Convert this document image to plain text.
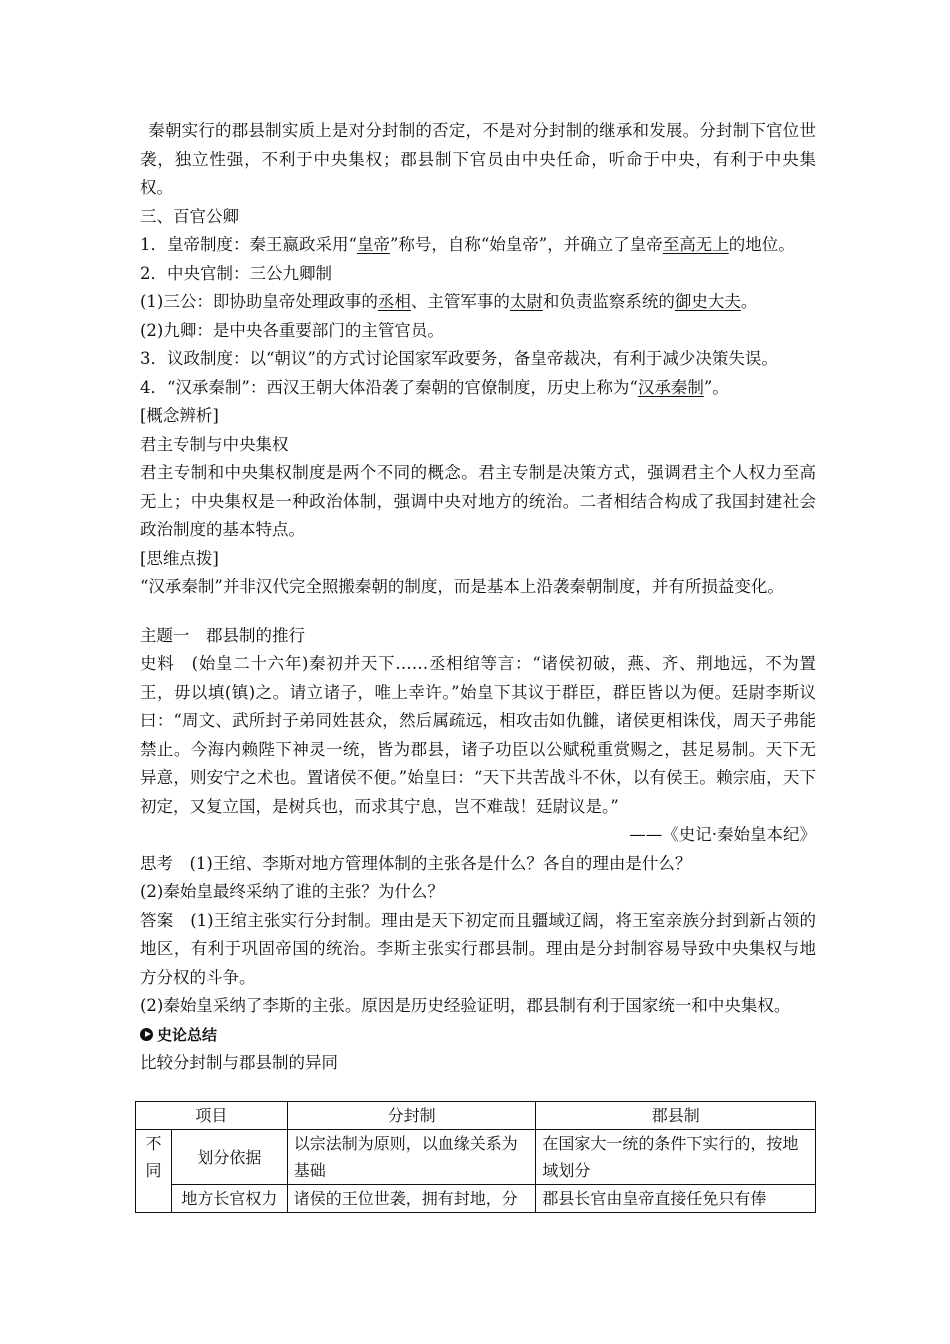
秦朝实行的郡县制实质上是对分封制的否定，不是对分封制的继承和发展。分封制下官位世袭，独立性强，不利于中央集权；郡县制下官员由中央任命，听命于中央，有利于中央集权。

三、百官公卿

1．皇帝制度：秦王嬴政采用“皇帝”称号，自称“始皇帝”，并确立了皇帝至高无上的地位。

2．中央官制：三公九卿制

(1)三公：即协助皇帝处理政事的丞相、主管军事的太尉和负责监察系统的御史大夫。

(2)九卿：是中央各重要部门的主管官员。

3．议政制度：以“朝议”的方式讨论国家军政要务，备皇帝裁决，有利于减少决策失误。

4．“汉承秦制”：西汉王朝大体沿袭了秦朝的官僚制度，历史上称为“汉承秦制”。

[概念辨析]

君主专制与中央集权

君主专制和中央集权制度是两个不同的概念。君主专制是决策方式，强调君主个人权力至高无上；中央集权是一种政治体制，强调中央对地方的统治。二者相结合构成了我国封建社会政治制度的基本特点。

[思维点拨]

“汉承秦制”并非汉代完全照搬秦朝的制度，而是基本上沿袭秦朝制度，并有所损益变化。

主题一　郡县制的推行

史料　(始皇二十六年)秦初并天下……丞相绾等言：“诸侯初破，燕、齐、荆地远，不为置王，毋以填(镇)之。请立诸子，唯上幸许。”始皇下其议于群臣，群臣皆以为便。廷尉李斯议曰：“周文、武所封子弟同姓甚众，然后属疏远，相攻击如仇雠，诸侯更相诛伐，周天子弗能禁止。今海内赖陛下神灵一统，皆为郡县，诸子功臣以公赋税重赏赐之，甚足易制。天下无异意，则安宁之术也。置诸侯不便。”始皇曰：“天下共苦战斗不休，以有侯王。赖宗庙，天下初定，又复立国，是树兵也，而求其宁息，岂不难哉！廷尉议是。”

——《史记·秦始皇本纪》

思考　(1)王绾、李斯对地方管理体制的主张各是什么？各自的理由是什么？

(2)秦始皇最终采纳了谁的主张？为什么？

答案　(1)王绾主张实行分封制。理由是天下初定而且疆域辽阔，将王室亲族分封到新占领的地区，有利于巩固帝国的统治。李斯主张实行郡县制。理由是分封制容易导致中央集权与地方分权的斗争。

(2)秦始皇采纳了李斯的主张。原因是历史经验证明，郡县制有利于国家统一和中央集权。

史论总结

比较分封制与郡县制的异同

项目		分封制	郡县制
不同	划分依据	以宗法制为原则，以血缘关系为基础	在国家大一统的条件下实行的，按地域划分
	地方长官权力	诸侯的王位世袭，拥有封地，分	郡县长官由皇帝直接任免只有俸
